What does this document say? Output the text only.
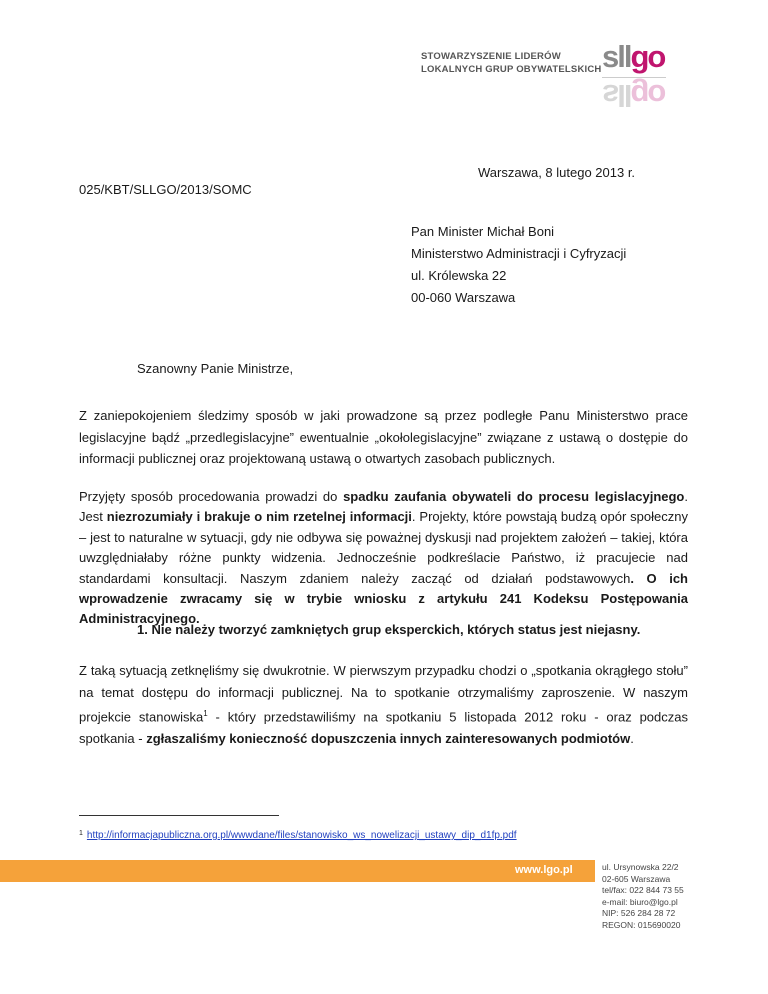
STOWARZYSZENIE LIDERÓW
LOKALNYCH GRUP OBYWATELSKICH sllgo
sllgo
Warszawa, 8 lutego 2013 r.
025/KBT/SLLGO/2013/SOMC
Pan Minister Michał Boni
Ministerstwo Administracji i Cyfryzacji
ul. Królewska 22
00-060 Warszawa
Szanowny Panie Ministrze,
Z zaniepokojeniem śledzimy sposób w jaki prowadzone są przez podległe Panu Ministerstwo prace legislacyjne bądź „przedlegislacyjne” ewentualnie „okołolegislacyjne” związane z ustawą o dostępie do informacji publicznej oraz projektowaną ustawą o otwartych zasobach publicznych.
Przyjęty sposób procedowania prowadzi do spadku zaufania obywateli do procesu legislacyjnego. Jest niezrozumiały i brakuje o nim rzetelnej informacji. Projekty, które powstają budzą opór społeczny – jest to naturalne w sytuacji, gdy nie odbywa się poważnej dyskusji nad projektem założeń – takiej, która uwzględniałaby różne punkty widzenia. Jednocześnie podkreślacie Państwo, iż pracujecie nad standardami konsultacji. Naszym zdaniem należy zacząć od działań podstawowych. O ich wprowadzenie zwracamy się w trybie wniosku z artykułu 241 Kodeksu Postępowania Administracyjnego.
1. Nie należy tworzyć zamkniętych grup eksperckich, których status jest niejasny.
Z taką sytuacją zetknęliśmy się dwukrotnie. W pierwszym przypadku chodzi o „spotkania okrągłego stołu” na temat dostępu do informacji publicznej. Na to spotkanie otrzymaliśmy zaproszenie. W naszym projekcie stanowiska$^1$ - który przedstawiliśmy na spotkaniu 5 listopada 2012 roku - oraz podczas spotkania - zgłaszaliśmy konieczność dopuszczenia innych zainteresowanych podmiotów.
$^1$ http://informacjapubliczna.org.pl/wwwdane/files/stanowisko_ws_nowelizacji_ustawy_dip_d1fp.pdf
www.lgo.pl	ul. Ursynowska 22/2
02-605 Warszawa
tel/fax: 022 844 73 55
e-mail: biuro@lgo.pl
NIP: 526 284 28 72
REGON: 015690020
